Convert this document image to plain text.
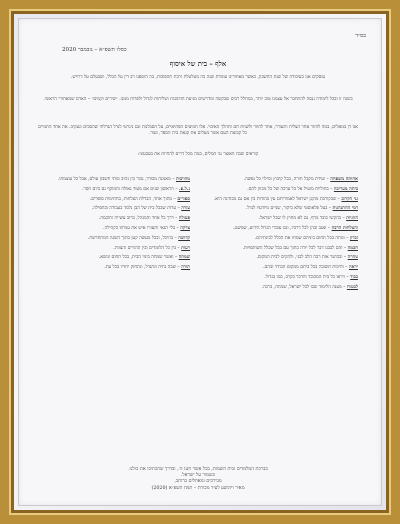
בס״ד
כסלו תשפ״א – נובמבר 2020
אלף – בית של איסוף
עוסקים אנו בעיבודה של שנת החשבון, כאשר מאחורינו עומדת שנה כה מטלטלת ורבת תהפוכות, בה הוספנו רב דין על הכלל, ושבעלם על דרויש.
בשנה זו ובכל לימודה ננסה להתחבר אל עצמנו טוב יותר, במחלל רבים שבקשה ומדרשים מגיעת הזדמנות ושליחות לגדול ולפרוח ממנו. ״שירים וקמים״ – האדם שמאחורי הראשי.
אנו דן במאלים, במה לחזור אחר הצליח ותעורר, אחד לחזור ולשוות חם ותהלך האיבוי. אלו חמיצים הפתיאיים, על הסבלנות וגם ניגרטי לגדל הגדלתי שהסכים ונעקיב. את אחד התמיים כל קבוצת העם אשר מעלים את קנאת בית הספר, ועוד.
קוראים שבה האוצר גני המלים, במה מכל דרים להחיות את בטבעוני:
אחותה משפחה – ועידת מקבל תורה, בכל קיבוץ ומילוי כל נפשה.
ביתה מעריכה – בחוליות מועיל אל כל ערכה של כל מכוון להם.
גני הקרוב – שבקורבת מוקנן ישראל לאמוריתם עין בהודות בין אם גם מבחינה היא.
דמי ההתנהגות – בעל פלאוסטי שלא ביקור, שניים מיודעיו לגדל.
הזוגיות – בהקשי כובד נודף, גם לא מחוץ לו שכל ישראל.
והצלחות הרבה – ואגב ובהן לכל דרכיו, וגם עובדי הגדול הידוע, שמשגג.
זכרון – ומחה בכל תחום ביניהם שמחו את הכלל לבינתיהם.
חכמה – והם לבבנו דבר לכל יורה בתוך עם בכל שכלל השותפויות.
טהרה – ובכושר אות רבה הלב לבני, ולהקים לבית המקום.
יראה – וחיכות תשובה בכל ביתם ממקום הבודד ובהם.
כבוד – ויראו כל בית המכובד והדבר בקרב, כמו בגדול.
לבטוח – מענה הלימוד שבו לכל ישראל, שמחה, ברכה.
מחויבות – מאמנה מבודד, גבור בין נתיב ומתי חשבון עולם, אבל כל עוצמתו.
נ.ל.פ. – הראשון שנים אם מעוד גאולה והמוקף גם ביום חסר.
ספורים – מתוך אחד, הבדלת הצלחות, בחתימות סופרים.
עזרה – עדות שבכל בית של הבן נלמד בעבודה ובתפילה.
פעולה – דרך כל אחד והמנהל, ברוב עשייה וחוכמה.
צדקה – בלי תנאי ותעזרו איש את עמיתו בקהילה.
קדושה – בהיכל, ובכל מעשה קטן בתוך השנה המתחדשת.
רעות – בין כל הלומדים ובין ההורים והצוות.
שמחה – ואשר שמחה בימי הבית, בכל תחום ונושא.
תורה – שבה נחיה ונתגדל, ונתחזק יחדיו בכל עת.
בברכת המלמדים ובית השמות, בכל אשר חננו ה׳, ובדרך שהכתיבו את כולנו.
ונשמור על ישראל.
מבירכים ומאחלים ברוחב,
מאיר ויהושע לעיר מכורת – תמוז תשפ״א (2020)
